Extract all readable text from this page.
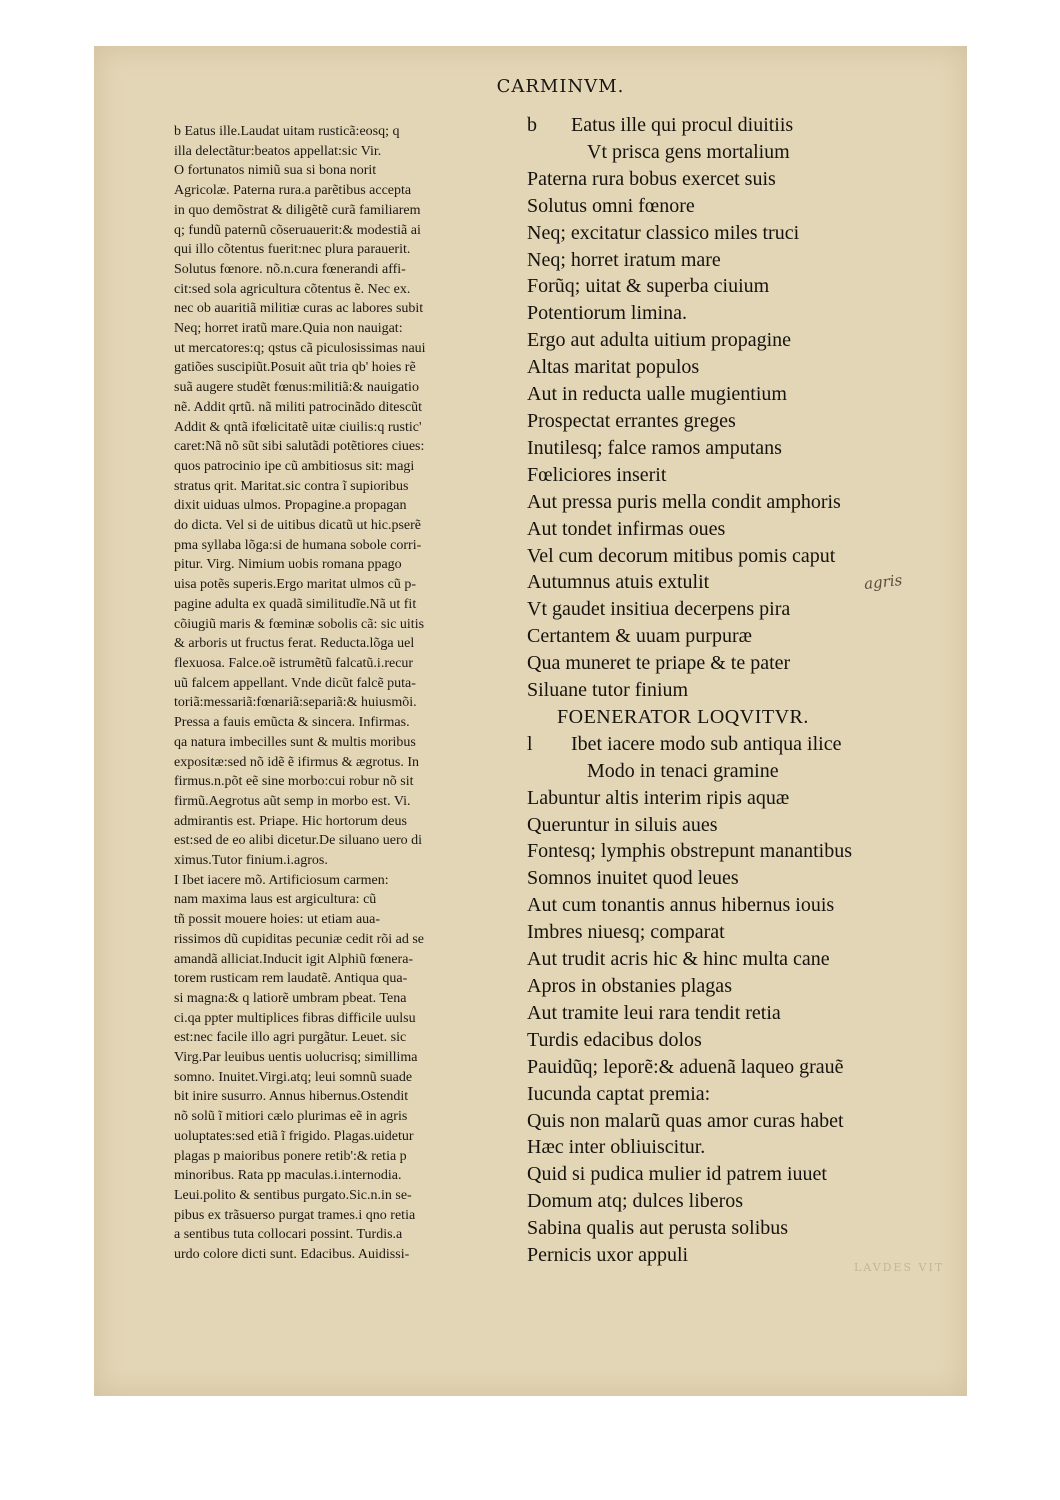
CARMINVM.
b Eatus ille.Laudat uitam rusticã:eosq; q
illa delectãtur:beatos appellat:sic Vir.
O fortunatos nimiũ sua si bona norit
Agricolæ. Paterna rura.a parẽtibus accepta
in quo demõstrat & diligẽtẽ curã familiarem
q; fundũ paternũ cõseruauerit:& modestiã ai
qui illo cõtentus fuerit:nec plura parauerit.
Solutus fœnore. nõ.n.cura fœnerandi affi-
cit:sed sola agricultura cõtentus ẽ. Nec ex.
nec ob auaritiã militiæ curas ac labores subit
Neq; horret iratũ mare.Quia non nauigat:
ut mercatores:q; qstus cã piculosissimas naui
gatiões suscipiũt.Posuit aũt tria qb' hoies rẽ
suã augere studẽt fœnus:militiã:& nauigatio
nẽ. Addit qrtũ. nã militi patrocinãdo ditescũt
Addit & qntã ifœlicitatẽ uitæ ciuilis:q rustic'
caret:Nã nõ sũt sibi salutãdi potẽtiores ciues:
quos patrocinio ipe cũ ambitiosus sit: magi
stratus qrit. Maritat.sic contra ĩ supioribus
dixit uiduas ulmos. Propagine.a propagan
do dicta. Vel si de uitibus dicatũ ut hic.pserẽ
pma syllaba lõga:si de humana sobole corri-
pitur. Virg. Nimium uobis romana ppago
uisa potẽs superis.Ergo maritat ulmos cũ p-
pagine adulta ex quadã similitudĩe.Nã ut fit
cõiugiũ maris & fœminæ sobolis cã: sic uitis
& arboris ut fructus ferat. Reducta.lõga uel
flexuosa. Falce.oẽ istrumẽtũ falcatũ.i.recur
uũ falcem appellant. Vnde dicũt falcẽ puta-
toriã:messariã:fœnariã:separiã:& huiusmõi.
Pressa a fauis emũcta & sincera. Infirmas.
qa natura imbecilles sunt & multis moribus
expositæ:sed nõ idẽ ẽ ifirmus & ægrotus. In
firmus.n.põt eẽ sine morbo:cui robur nõ sit
firmũ.Aegrotus aũt semp in morbo est. Vi.
admirantis est. Priape. Hic hortorum deus
est:sed de eo alibi dicetur.De siluano uero di
ximus.Tutor finium.i.agros.
I Ibet iacere mõ. Artificiosum carmen:
nam maxima laus est argicultura: cũ
tñ possit mouere hoies: ut etiam aua-
rissimos dũ cupiditas pecuniæ cedit rõi ad se
amandã alliciat.Inducit igit Alphiũ fœnera-
torem rusticam rem laudatẽ. Antiqua qua-
si magna:& q latiorẽ umbram pbeat. Tena
ci.qa ppter multiplices fibras difficile uulsu
est:nec facile illo agri purgãtur. Leuet. sic
Virg.Par leuibus uentis uolucrisq; simillima
somno. Inuitet.Virgi.atq; leui somnũ suade
bit inire susurro. Annus hibernus.Ostendit
nõ solũ ĩ mitiori cælo plurimas eẽ in agris
uoluptates:sed etiã ĩ frigido. Plagas.uidetur
plagas p maioribus ponere retib':& retia p
minoribus. Rata pp maculas.i.internodia.
Leui.polito & sentibus purgato.Sic.n.in se-
pibus ex trãsuerso purgat trames.i qno retia
a sentibus tuta collocari possint. Turdis.a
urdo colore dicti sunt. Edacibus. Auidissi-
b Eatus ille qui procul diuitiis
Vt prisca gens mortalium
Paterna rura bobus exercet suis
Solutus omni fœnore
Neq; excitatur classico miles truci
Neq; horret iratum mare
Forũq; uitat & superba ciuium
Potentiorum limina.
Ergo aut adulta uitium propagine
Altas maritat populos
Aut in reducta ualle mugientium
Prospectat errantes greges
Inutilesq; falce ramos amputans
Fœliciores inserit
Aut pressa puris mella condit amphoris
Aut tondet infirmas oues
Vel cum decorum mitibus pomis caput
Autumnus atuis extulit
Vt gaudet insitiua decerpens pira
Certantem & uuam purpuræ
Qua muneret te priape & te pater
Siluane tutor finium
FOENERATOR LOQVITVR.
l Ibet iacere modo sub antiqua ilice
Modo in tenaci gramine
Labuntur altis interim ripis aquæ
Queruntur in siluis aues
Fontesq; lymphis obstrepunt manantibus
Somnos inuitet quod leues
Aut cum tonantis annus hibernus iouis
Imbres niuesq; comparat
Aut trudit acris hic & hinc multa cane
Apros in obstanies plagas
Aut tramite leui rara tendit retia
Turdis edacibus dolos
Pauidũq; leporẽ:& aduenã laqueo grauẽ
Iucunda captat premia:
Quis non malarũ quas amor curas habet
Hæc inter obliuiscitur.
Quid si pudica mulier id patrem iuuet
Domum atq; dulces liberos
Sabina qualis aut perusta solibus
Pernicis uxor appuli
agris
LAVDES VIT
